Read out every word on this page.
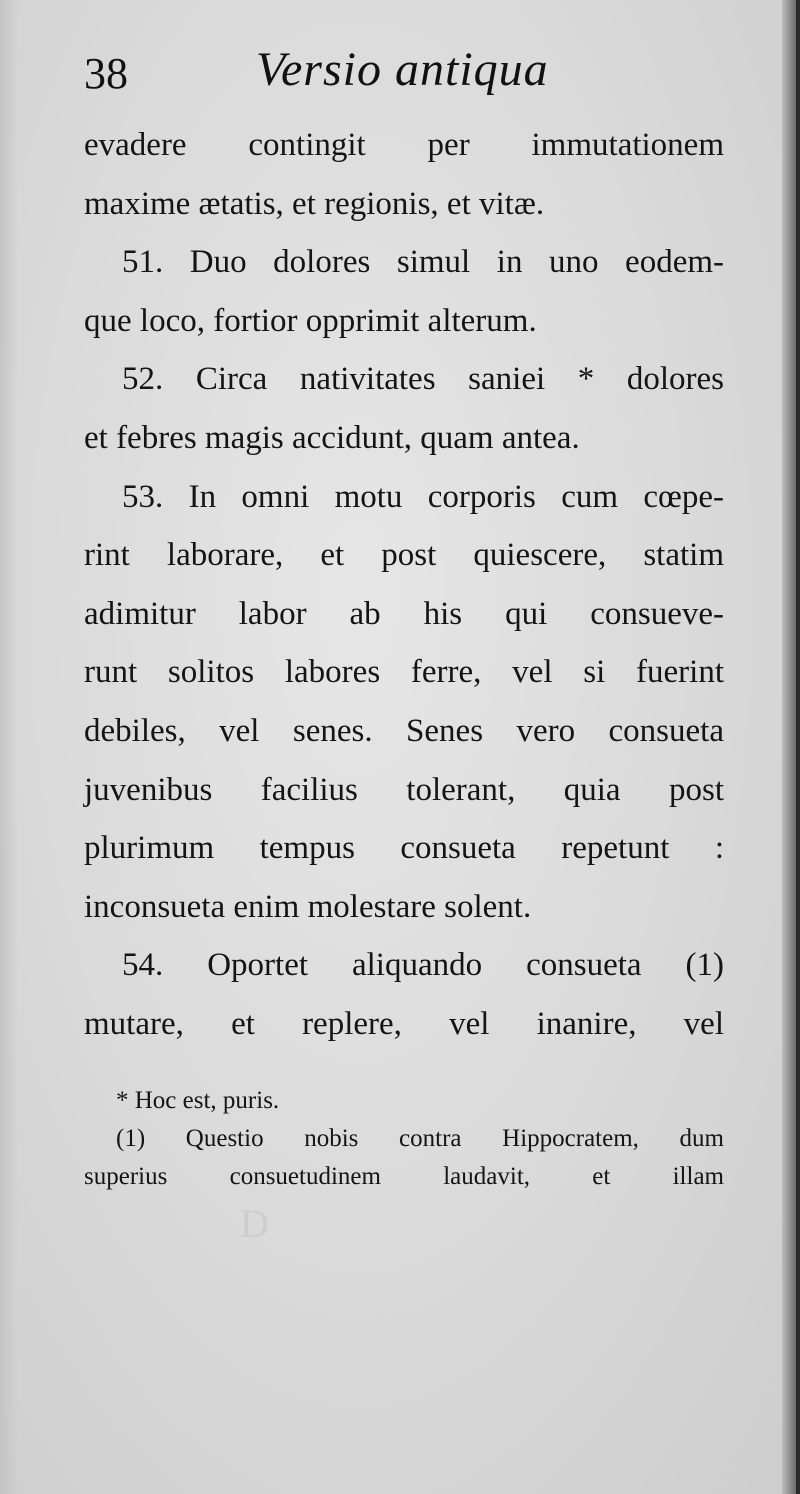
38	Versio antiqua
evadere contingit per immutationem
maxime ætatis, et regionis, et vitæ.
51. Duo dolores simul in uno eodem-
que loco, fortior opprimit alterum.
52. Circa nativitates saniei * dolores
et febres magis accidunt, quam antea.
53. In omni motu corporis cum cœpe-
rint laborare, et post quiescere, statim
adimitur labor ab his qui consueve-
runt solitos labores ferre, vel si fuerint
debiles, vel senes. Senes vero consueta
juvenibus facilius tolerant, quia post
plurimum tempus consueta repetunt :
inconsueta enim molestare solent.
54. Oportet aliquando consueta (1)
mutare, et replere, vel inanire, vel
* Hoc est, puris.
(1) Questio nobis contra Hippocratem, dum
superius consuetudinem laudavit, et illam
D
